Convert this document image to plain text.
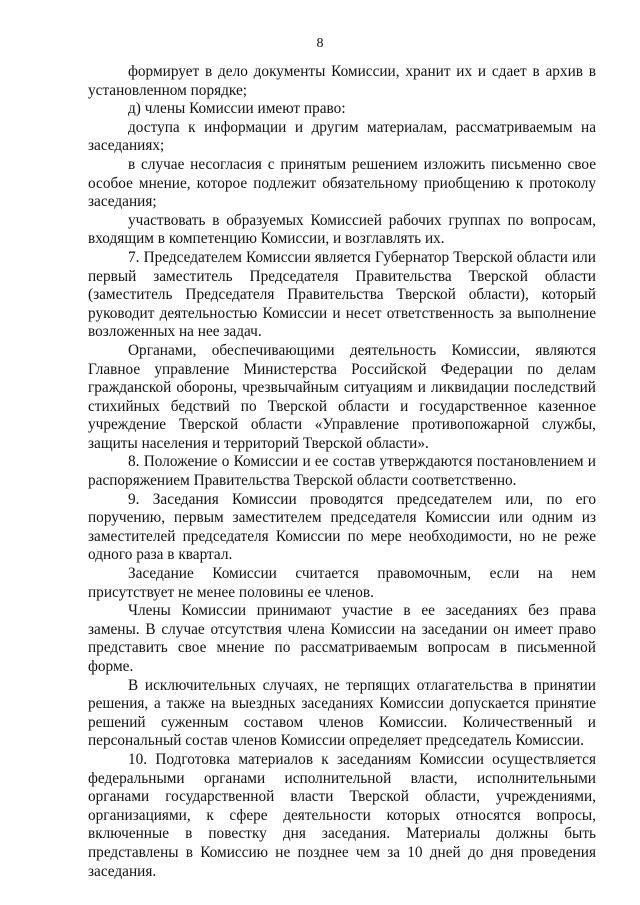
8

формирует в дело документы Комиссии, хранит их и сдает в архив в установленном порядке;

д) члены Комиссии имеют право:

доступа к информации и другим материалам, рассматриваемым на заседаниях;

в случае несогласия с принятым решением изложить письменно свое особое мнение, которое подлежит обязательному приобщению к протоколу заседания;

участвовать в образуемых Комиссией рабочих группах по вопросам, входящим в компетенцию Комиссии, и возглавлять их.

7. Председателем Комиссии является Губернатор Тверской области или первый заместитель Председателя Правительства Тверской области (заместитель Председателя Правительства Тверской области), который руководит деятельностью Комиссии и несет ответственность за выполнение возложенных на нее задач.

Органами, обеспечивающими деятельность Комиссии, являются Главное управление Министерства Российской Федерации по делам гражданской обороны, чрезвычайным ситуациям и ликвидации последствий стихийных бедствий по Тверской области и государственное казенное учреждение Тверской области «Управление противопожарной службы, защиты населения и территорий Тверской области».

8. Положение о Комиссии и ее состав утверждаются постановлением и распоряжением Правительства Тверской области соответственно.

9. Заседания Комиссии проводятся председателем или, по его поручению, первым заместителем председателя Комиссии или одним из заместителей председателя Комиссии по мере необходимости, но не реже одного раза в квартал.

Заседание Комиссии считается правомочным, если на нем присутствует не менее половины ее членов.

Члены Комиссии принимают участие в ее заседаниях без права замены. В случае отсутствия члена Комиссии на заседании он имеет право представить свое мнение по рассматриваемым вопросам в письменной форме.

В исключительных случаях, не терпящих отлагательства в принятии решения, а также на выездных заседаниях Комиссии допускается принятие решений суженным составом членов Комиссии. Количественный и персональный состав членов Комиссии определяет председатель Комиссии.

10. Подготовка материалов к заседаниям Комиссии осуществляется федеральными органами исполнительной власти, исполнительными органами государственной власти Тверской области, учреждениями, организациями, к сфере деятельности которых относятся вопросы, включенные в повестку дня заседания. Материалы должны быть представлены в Комиссию не позднее чем за 10 дней до дня проведения заседания.
